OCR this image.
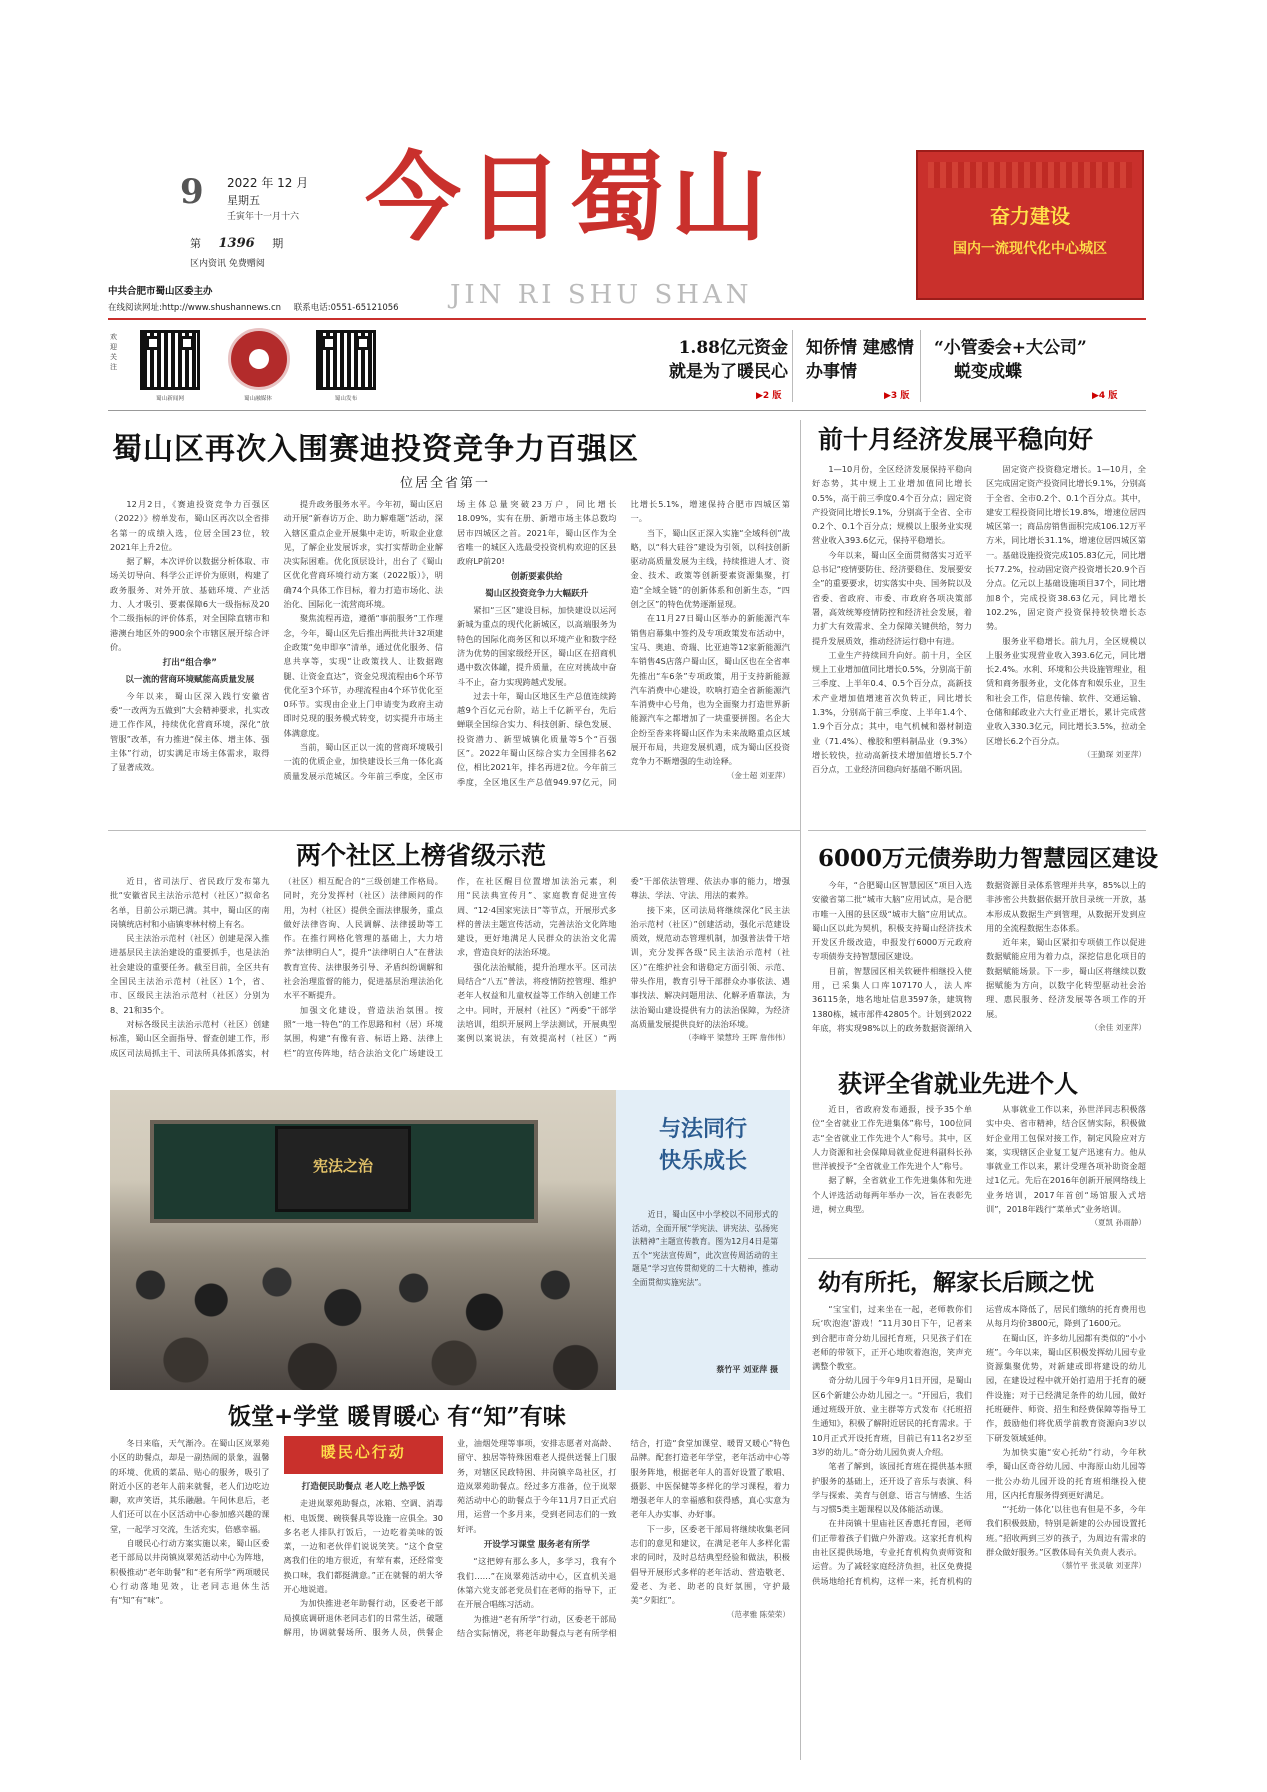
9 2022 年 12 月
星期五
壬寅年十一月十六
第 1396 期
区内资讯 免费赠阅
今日蜀山
JIN RI SHU SHAN
奋力建设
国内一流现代化中心城区
中共合肥市蜀山区委主办
在线阅读网址:http://www.shushannews.cn 联系电话:0551-65121056
欢迎关注
蜀山新闻网	蜀山融媒体	蜀山发布
1.88亿元资金
就是为了暖民心
▶2 版
知侨情 建感情
办事情
▶3 版
“小管委会+大公司”
蜕变成蝶
▶4 版
蜀山区再次入围赛迪投资竞争力百强区
位居全省第一

12月2日，《赛迪投资竞争力百强区（2022）》榜单发布，蜀山区再次以全省排名第一的成绩入选，位居全国23位，较2021年上升2位。

据了解，本次评价以数据分析体取、市场关切导向、科学公正评价为原则，构建了政务服务、对外开放、基础环境、产业活力、人才吸引、要素保障6大一级指标及20个二级指标的评价体系，对全国除直辖市和港澳台地区外的900余个市辖区展开综合评价。

打出“组合拳”
以一流的营商环境赋能高质量发展

今年以来，蜀山区深入践行安徽省委“一改两为五做到”大会精神要求，扎实改进工作作风，持续优化营商环境，深化“放管服”改革，有力推进“保主体、增主体、强主体”行动，切实满足市场主体需求，取得了显著成效。

提升政务服务水平。今年初，蜀山区启动开展“新春访万企、助力解难题”活动，深入辖区重点企业开展集中走访，听取企业意见，了解企业发展诉求，实打实帮助企业解决实际困难。优化顶层设计，出台了《蜀山区优化营商环境行动方案（2022版）》，明确74个具体工作目标，着力打造市场化、法治化、国际化一流营商环境。

聚焦流程再造，遵循“事前服务”工作理念，今年，蜀山区先后推出两批共计32项建企政策“免申即享”清单，通过优化服务、信息共享等，实现“让政策找人、让数据跑腿、让资金直达”，资金兑现流程由6个环节优化至3个环节，办理流程由4个环节优化至0环节。实现由企业上门申请变为政府主动即时兑现的服务模式转变，切实提升市场主体满意度。

当前，蜀山区正以一流的营商环境吸引一流的优质企业，加快建设长三角一体化高质量发展示范城区。今年前三季度，全区市场主体总量突破23万户，同比增长18.09%，实有在册、新增市场主体总数均居市四城区之首。2021年，蜀山区作为全省唯一的城区入选最受投资机构欢迎的区县政府LP前20!

创新要素供给
蜀山区投资竞争力大幅跃升

紧扣“三区”建设目标，加快建设以运河新城为重点的现代化新城区，以高端服务为特色的国际化商务区和以环境产业和数字经济为优势的国家级经开区，蜀山区在招商机遇中数次体罐，提升质量，在应对挑战中奋斗不止，奋力实现跨越式发展。

过去十年，蜀山区地区生产总值连续跨越9个百亿元台阶，站上千亿新平台，先后蝉联全国综合实力、科技创新、绿色发展、投资潜力、新型城镇化质量等5个“百强区”。2022年蜀山区综合实力全国排名62位，相比2021年，排名再进2位。今年前三季度，全区地区生产总值949.97亿元，同比增长5.1%，增速保持合肥市四城区第一。

当下，蜀山区正深入实施“全域科创”战略，以“科大硅谷”建设为引领，以科技创新驱动高质量发展为主线，持续推进人才、资金、技术、政策等创新要素资源集聚，打造“全域全链”的创新体系和创新生态，“四创之区”的特色优势逐渐显现。

在11月27日蜀山区举办的新能源汽车销售启幕集中签约及专项政策发布活动中，宝马、奥迪、奇瑞、比亚迪等12家新能源汽车销售4S店落户蜀山区，蜀山区也在全省率先推出“车6条”专项政策，用于支持新能源汽车消费中心建设，吹响打造全省新能源汽车消费中心号角，也为全面聚力打造世界新能源汽车之都增加了一块重要拼图。名企大企纷至沓来将蜀山区作为未来战略重点区域展开布局，共迎发展机遇，成为蜀山区投资竞争力不断增强的生动诠释。

（金士超 刘亚萍）
前十月经济发展平稳向好

1—10月份，全区经济发展保持平稳向好态势，其中规上工业增加值同比增长0.5%，高于前三季度0.4个百分点；固定资产投资同比增长9.1%，分别高于全省、全市0.2个、0.1个百分点；规模以上服务业实现营业收入393.6亿元，保持平稳增长。

今年以来，蜀山区全面贯彻落实习近平总书记“疫情要防住、经济要稳住、发展要安全”的重要要求，切实落实中央、国务院以及省委、省政府、市委、市政府各项决策部署，高效统筹疫情防控和经济社会发展，着力扩大有效需求、全力保障关键供给，努力提升发展质效，推动经济运行稳中有进。

工业生产持续回升向好。前十月，全区规上工业增加值同比增长0.5%，分别高于前三季度、上半年0.4、0.5个百分点，高新技术产业增加值增速首次负转正，同比增长1.3%，分别高于前三季度、上半年1.4个、1.9个百分点；其中，电气机械和器材制造业（71.4%）、橡胶和塑料制品业（9.3%）增长较快，拉动高新技术增加值增长5.7个百分点，工业经济回稳向好基础不断巩固。

固定资产投资稳定增长。1—10月，全区完成固定资产投资同比增长9.1%，分别高于全省、全市0.2个、0.1个百分点。其中，建安工程投资同比增长19.8%，增速位居四城区第一；商品房销售面积完成106.12万平方米，同比增长31.1%，增速位居四城区第一。基础设施投资完成105.83亿元，同比增长77.2%，拉动固定资产投资增长20.9个百分点。亿元以上基础设施项目37个，同比增加8个，完成投资38.63亿元，同比增长102.2%，固定资产投资保持较快增长态势。

服务业平稳增长。前九月，全区规模以上服务业实现营业收入393.6亿元，同比增长2.4%。水利、环境和公共设施管理业，租赁和商务服务业，文化体育和娱乐业，卫生和社会工作，信息传输、软件、交通运输、仓储和邮政业六大行业正增长，累计完成营业收入330.3亿元，同比增长3.5%，拉动全区增长6.2个百分点。

（王勤琛 刘亚萍）
两个社区上榜省级示范

近日，省司法厅、省民政厅发布第九批“安徽省民主法治示范村（社区）”拟命名名单，目前公示期已满。其中，蜀山区的南岗镇统店村和小庙镇枣林村榜上有名。

民主法治示范村（社区）创建是深入推进基层民主法治建设的重要抓手，也是法治社会建设的重要任务。截至目前，全区共有全国民主法治示范村（社区）1个，省、市、区级民主法治示范村（社区）分别为8、21和35个。

对标各级民主法治示范村（社区）创建标准，蜀山区全面指导、督查创建工作，形成区司法局抓主干、司法所具体抓落实，村（社区）相互配合的“三级创建工作格局。同时，充分发挥村（社区）法律顾问的作用，为村（社区）提供全面法律服务，重点做好法律咨询、人民调解、法律援助等工作。在推行网格化管理的基础上，大力培养“法律明白人”，提升“法律明白人”在普法教育宣传、法律服务引导、矛盾纠纷调解和社会治理监督的能力，促进基层治理法治化水平不断提升。

加强文化建设，营造法治氛围。按照“一地一特色”的工作思路和村（居）环境氛围，构建“有像有音、标语上路、法律上栏”的宣传阵地，结合法治文化广场建设工作，在社区醒目位置增加法治元素，利用“民法典宣传月”、家庭教育促进宣传周、“12·4国家宪法日”等节点，开展形式多样的普法主题宣传活动，完善法治文化阵地建设，更好地满足人民群众的法治文化需求，营造良好的法治环境。

强化法治赋能，提升治理水平。区司法局结合“八五”普法，将疫情防控管理、维护老年人权益和儿童权益等工作纳入创建工作之中。同时，开展村（社区）“两委”干部学法培训，组织开展网上学法测试，开展典型案例以案说法，有效提高村（社区）“两委”干部依法管理、依法办事的能力，增强尊法、学法、守法、用法的素养。

接下来，区司法局将继续深化“民主法治示范村（社区）”创建活动，强化示范建设质效，规范动态管理机制，加强普法骨干培训，充分发挥各级“民主法治示范村（社区）”在维护社会和谐稳定方面引领、示范、带头作用，教育引导干部群众办事依法、遇事找法、解决问题用法、化解矛盾靠法，为法治蜀山建设提供有力的法治保障，为经济高质量发展提供良好的法治环境。

（李峰平 梁慧玲 王晖 詹伟伟）
6000万元债券助力智慧园区建设

今年，“合肥蜀山区智慧园区”项目入选安徽省第二批“城市大脑”应用试点，是合肥市唯一入围的县区级“城市大脑”应用试点。蜀山区以此为契机，积极支持蜀山经济技术开发区升级改造，申报发行6000万元政府专项债券支持智慧园区建设。

目前，智慧园区相关软硬件相继投入使用，已采集人口库107170人，法人库36115条，地名地址信息3597条，建筑物1380栋，城市部件42805个。计划到2022年底，将实现98%以上的政务数据资源纳入数据资源目录体系管理并共享，85%以上的非涉密公共数据依据开放目录统一开放，基本形成从数据生产到管理，从数据开发到应用的全流程数据生态体系。

近年来，蜀山区紧扣专项债工作以促进数据赋能应用为着力点，深挖信息化项目的数据赋能场景。下一步，蜀山区将继续以数据赋能为方向，以数字化转型驱动社会治理、惠民服务、经济发展等各项工作的开展。

（余佳 刘亚萍）
宪法之治
与法同行
快乐成长
近日，蜀山区中小学校以不同形式的活动，全面开展“学宪法、讲宪法、弘扬宪法精神”主题宣传教育。图为12月4日是第五个“宪法宣传周”，此次宣传周活动的主题是“学习宣传贯彻党的二十大精神，推动全面贯彻实施宪法”。
蔡竹平 刘亚萍 摄
获评全省就业先进个人

近日，省政府发布通报，授予35个单位“全省就业工作先进集体”称号，100位同志“全省就业工作先进个人”称号。其中，区人力资源和社会保障局就业促进科副科长孙世洋被授予“全省就业工作先进个人”称号。

据了解，全省就业工作先进集体和先进个人评选活动每两年举办一次，旨在表彰先进，树立典型。

从事就业工作以来，孙世洋同志积极落实中央、省市精神，结合区情实际，积极做好企业用工包保对接工作，制定风险应对方案，实现辖区企业复工复产迅速有力。他从事就业工作以来，累计受理各项补助资金超过1亿元。先后在2016年创新开展网络线上业务培训，2017年首创“场馆服入式培训”，2018年践行“菜单式”业务培训。

（夏凯 孙雨静）
幼有所托，解家长后顾之忧

“宝宝们，过来坐在一起，老师教你们玩‘吹泡泡’游戏！”11月30日下午，记者来到合肥市奇分幼儿园托育班，只见孩子们在老师的带领下，正开心地吹着泡泡，笑声充满整个教室。

奇分幼儿园于今年9月1日开园，是蜀山区6个新建公办幼儿园之一。“开园后，我们通过班级开放、业主群等方式发布《托班招生通知》，积极了解附近居民的托育需求。于10月正式开设托育班，目前已有11名2岁至3岁的幼儿。”奇分幼儿园负责人介绍。

笔者了解到，该园托育班在提供基本照护服务的基础上，还开设了音乐与表演、科学与探索、美育与创意、语言与情感、生活与习惯5类主题课程以及体能活动课。

在井岗镇十里庙社区香惠托育园，老师们正带着孩子们做户外游戏。这家托育机构由社区提供场地，专业托育机构负责师资和运营。为了减轻家庭经济负担，社区免费提供场地给托育机构，这样一来，托育机构的运营成本降低了，居民们缴纳的托育费用也从每月均价3800元，降到了1600元。

在蜀山区，许多幼儿园都有类似的“小小班”。今年以来，蜀山区积极发挥幼儿园专业资源集聚优势，对新建或即将建设的幼儿园，在建设过程中就开始打造用于托育的硬件设施；对于已经满足条件的幼儿园，做好托班硬件、师资、招生和经费保障等指导工作，鼓励他们将优质学前教育资源向3岁以下研发领域延伸。

为加快实施“安心托幼”行动，今年秋季，蜀山区奇谷幼儿园、中海原山幼儿园等一批公办幼儿园开设的托育班相继投入使用，区内托育服务得到更好满足。

“‘托幼一体化’以往也有但是不多，今年我们积极鼓励，特别是新建的公办园设置托班。”招收两到三岁的孩子，为周边有需求的群众做好服务。”区教体局有关负责人表示。

（蔡竹平 张灵敏 刘亚萍）
饭堂+学堂 暖胃暖心 有“知”有味

冬日来临，天气渐冷。在蜀山区岚翠苑小区的助餐点，却是一副热闹的景象，温馨的环境、优质的菜品、贴心的服务，吸引了附近小区的老年人前来就餐，老人们边吃边聊，欢声笑语，其乐融融。午间休息后，老人们还可以在小区活动中心参加感兴趣的课堂，一起学习交流，生活充实，倍感幸福。

自暖民心行动方案实施以来，蜀山区委老干部局以井岗镇岚翠苑活动中心为阵地，积极推动“老年助餐”和“老有所学”两项暖民心行动落地见效，让老同志退休生活有“知”有“味”。

暖民心行动
打造便民助餐点 老人吃上热乎饭

走进岚翠苑助餐点，冰箱、空调、消毒柜、电饭煲、碗筷餐具等设施一应俱全。30多名老人排队打饭后，一边吃着美味的饭菜，一边和老伙伴们说说笑笑。“这个食堂离我们住的地方很近，有荤有素，还经常变换口味，我们都挺满意。”正在就餐的胡大爷开心地说道。

为加快推进老年助餐行动，区委老干部局摸底调研退休老同志们的日常生活，破题解用，协调就餐场所、服务人员，供餐企业，油烟处理等事项，安排志愿者对高龄、留守、独居等特殊困难老人提供送餐上门服务，对辖区民政特困、井岗镇辛岛社区，打造岚翠苑助餐点。经过多方准备，位于岚翠苑活动中心的助餐点于今年11月7日正式启用，运营一个多月来，受到老同志们的一致好评。

开设学习课堂 服务老有所学

“这把婷有那么多人，多学习，我有个我们……”在岚翠苑活动中心，区直机关退休第六党支部老党员们在老师的指导下，正在开展合唱练习活动。

为推进“老有所学”行动，区委老干部局结合实际情况，将老年助餐点与老有所学相结合，打造“食堂加课堂、暖胃又暖心”特色品牌。配套打造老年学堂，老年活动中心等服务阵地，根据老年人的喜好设置了歌唱、摄影、中医保健等多样化的学习课程，着力增强老年人的幸福感和获得感，真心实意为老年人办实事、办好事。

下一步，区委老干部局将继续收集老同志们的意见和建议，在满足老年人多样化需求的同时，及时总结典型经验和做法，积极倡导开展形式多样的老年活动、营造敬老、爱老、为老、助老的良好氛围，守护最美“夕阳红”。

（范孝雅 陈荣荣）
